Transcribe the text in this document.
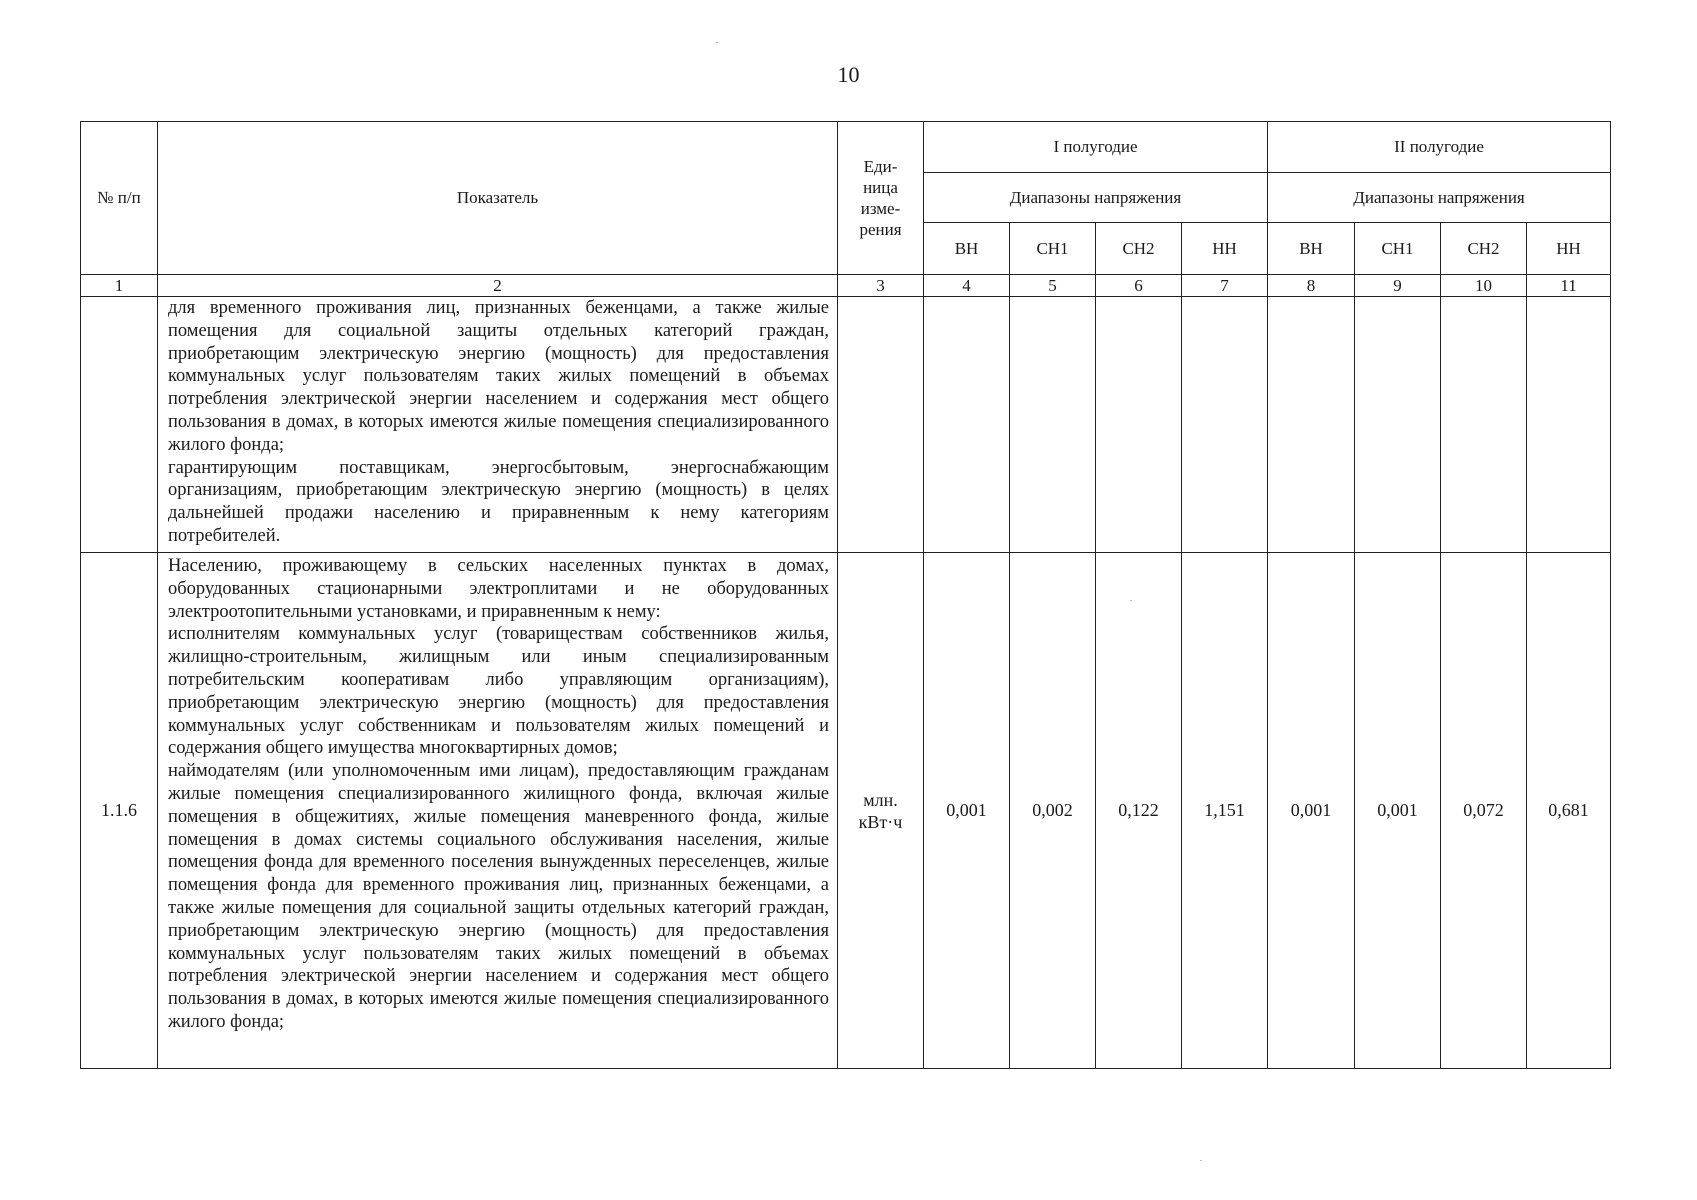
10
№ п/п	Показатель	Еди-
ница
изме-
рения	I полугодие				II полугодие			
			Диапазоны напряжения				Диапазоны напряжения			
			ВН	СН1	СН2	НН	ВН	СН1	СН2	НН
1	2	3	4	5	6	7	8	9	10	11
	для временного проживания лиц, признанных беженцами, а также жилые помещения для социальной защиты отдельных категорий граждан, приобретающим электрическую энергию (мощность) для предоставления коммунальных услуг пользователям таких жилых помещений в объемах потребления электрической энергии населением и содержания мест общего пользования в домах, в которых имеются жилые помещения специализированного жилого фонда;
гарантирующим поставщикам, энергосбытовым, энергоснабжающим организациям, приобретающим электрическую энергию (мощность) в целях дальнейшей продажи населению и приравненным к нему категориям потребителей.									
1.1.6	Населению, проживающему в сельских населенных пунктах в домах, оборудованных стационарными электроплитами и не оборудованных электроотопительными установками, и приравненным к нему:
исполнителям коммунальных услуг (товариществам собственников жилья, жилищно-строительным, жилищным или иным специализированным потребительским кооперативам либо управляющим организациям), приобретающим электрическую энергию (мощность) для предоставления коммунальных услуг собственникам и пользователям жилых помещений и содержания общего имущества многоквартирных домов;
наймодателям (или уполномоченным ими лицам), предоставляющим гражданам жилые помещения специализированного жилищного фонда, включая жилые помещения в общежитиях, жилые помещения маневренного фонда, жилые помещения в домах системы социального обслуживания населения, жилые помещения фонда для временного поселения вынужденных переселенцев, жилые помещения фонда для временного проживания лиц, признанных беженцами, а также жилые помещения для социальной защиты отдельных категорий граждан, приобретающим электрическую энергию (мощность) для предоставления коммунальных услуг пользователям таких жилых помещений в объемах потребления электрической энергии населением и содержания мест общего пользования в домах, в которых имеются жилые помещения специализированного жилого фонда;	млн.
кВт·ч	0,001	0,002	0,122	1,151	0,001	0,001	0,072	0,681
